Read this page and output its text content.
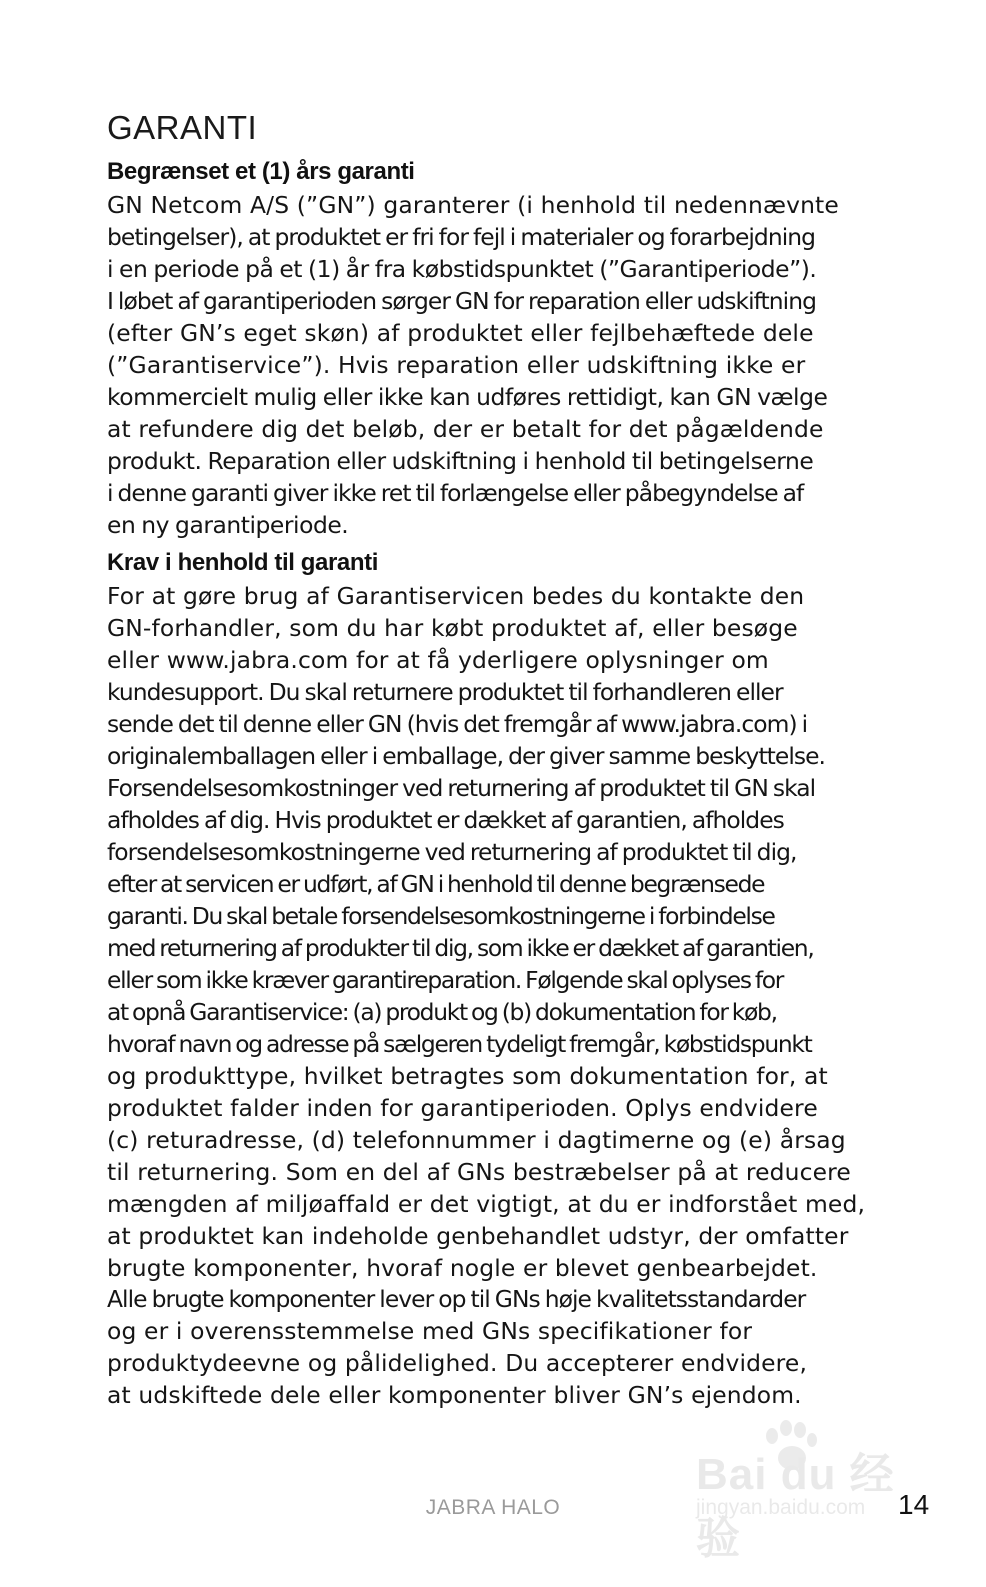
GARANTI
Begrænset et (1) års garanti
GN Netcom A/S (”GN”) garanterer (i henhold til nedennævnte
betingelser), at produktet er fri for fejl i materialer og forarbejdning
i en periode på et (1) år fra købstidspunktet (”Garantiperiode”).
I løbet af garantiperioden sørger GN for reparation eller udskiftning
(efter GN’s eget skøn) af produktet eller fejlbehæftede dele
(”Garantiservice”). Hvis reparation eller udskiftning ikke er
kommercielt mulig eller ikke kan udføres rettidigt, kan GN vælge
at refundere dig det beløb, der er betalt for det pågældende
produkt. Reparation eller udskiftning i henhold til betingelserne
i denne garanti giver ikke ret til forlængelse eller påbegyndelse af
en ny garantiperiode.
Krav i henhold til garanti
For at gøre brug af Garantiservicen bedes du kontakte den
GN-forhandler, som du har købt produktet af, eller besøge
eller www.jabra.com for at få yderligere oplysninger om
kundesupport. Du skal returnere produktet til forhandleren eller
sende det til denne eller GN (hvis det fremgår af www.jabra.com) i
originalemballagen eller i emballage, der giver samme beskyttelse.
Forsendelsesomkostninger ved returnering af produktet til GN skal
afholdes af dig. Hvis produktet er dækket af garantien, afholdes
forsendelsesomkostningerne ved returnering af produktet til dig,
efter at servicen er udført, af GN i henhold til denne begrænsede
garanti. Du skal betale forsendelsesomkostningerne i forbindelse
med returnering af produkter til dig, som ikke er dækket af garantien,
eller som ikke kræver garantireparation. Følgende skal oplyses for
at opnå Garantiservice: (a) produkt og (b) dokumentation for køb,
hvoraf navn og adresse på sælgeren tydeligt fremgår, købstidspunkt
og produkttype, hvilket betragtes som dokumentation for, at
produktet falder inden for garantiperioden. Oplys endvidere
(c) returadresse, (d) telefonnummer i dagtimerne og (e) årsag
til returnering. Som en del af GNs bestræbelser på at reducere
mængden af miljøaffald er det vigtigt, at du er indforstået med,
at produktet kan indeholde genbehandlet udstyr, der omfatter
brugte komponenter, hvoraf nogle er blevet genbearbejdet.
Alle brugte komponenter lever op til GNs høje kvalitetsstandarder
og er i overensstemmelse med GNs specifikationer for
produktydeevne og pålidelighed. Du accepterer endvidere,
at udskiftede dele eller komponenter bliver GN’s ejendom.
Bai du 经验
jingyan.baidu.com
JABRA HALO	14
